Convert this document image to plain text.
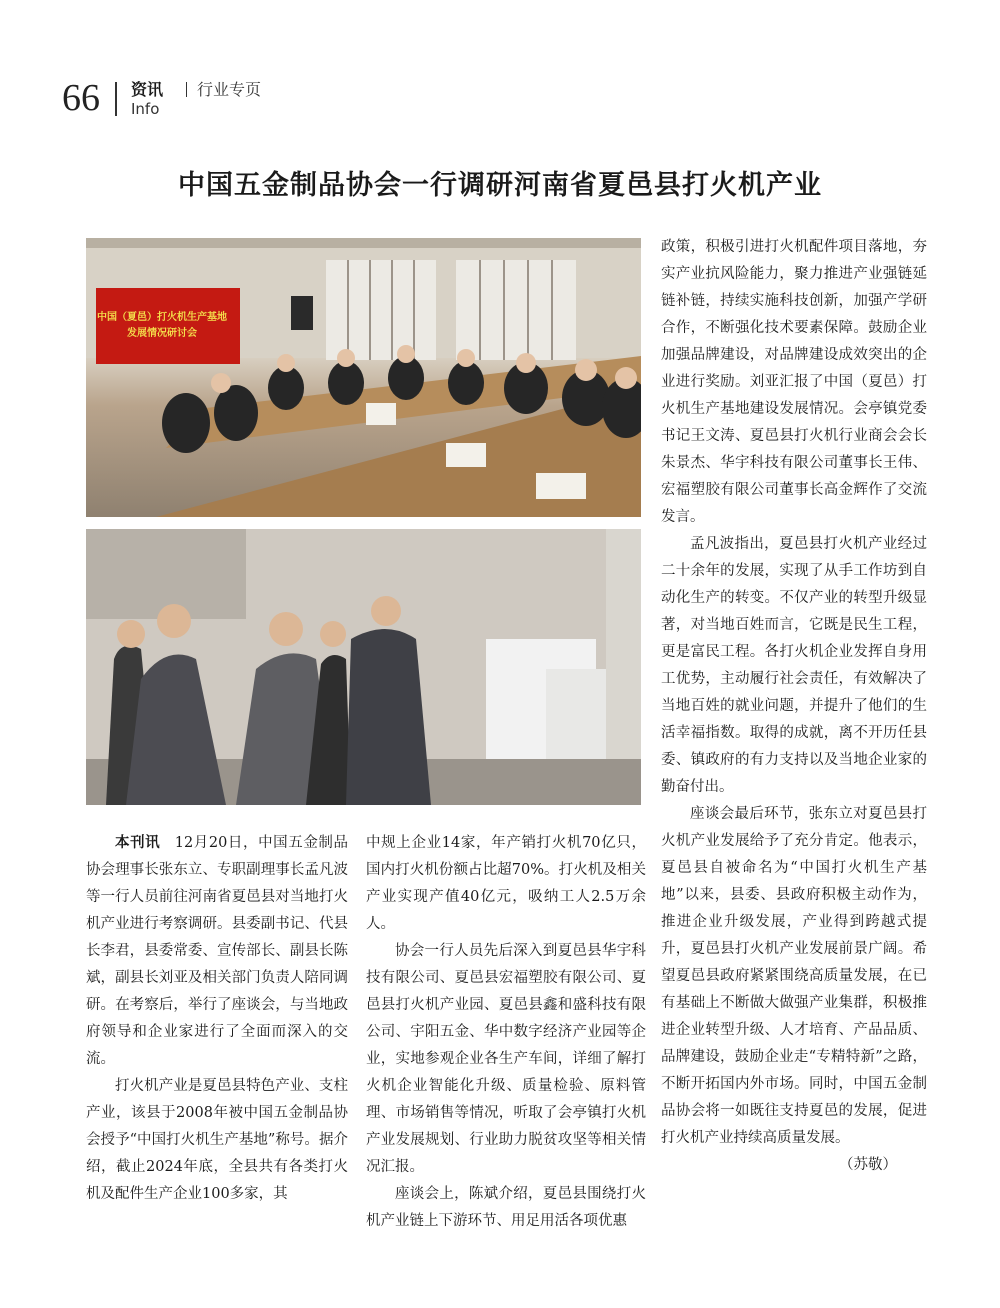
66 资讯	行业专页
Info
中国五金制品协会一行调研河南省夏邑县打火机产业
中国（夏邑）打火机生产基地
发展情况研讨会

本刊讯  12月20日，中国五金制品协会理事长张东立、专职副理事长孟凡波等一行人员前往河南省夏邑县对当地打火机产业进行考察调研。县委副书记、代县长李君，县委常委、宣传部长、副县长陈斌，副县长刘亚及相关部门负责人陪同调研。在考察后，举行了座谈会，与当地政府领导和企业家进行了全面而深入的交流。

打火机产业是夏邑县特色产业、支柱产业，该县于2008年被中国五金制品协会授予“中国打火机生产基地”称号。据介绍，截止2024年底，全县共有各类打火机及配件生产企业100多家，其

中规上企业14家，年产销打火机70亿只，国内打火机份额占比超70%。打火机及相关产业实现产值40亿元，吸纳工人2.5万余人。

协会一行人员先后深入到夏邑县华宇科技有限公司、夏邑县宏福塑胶有限公司、夏邑县打火机产业园、夏邑县鑫和盛科技有限公司、宇阳五金、华中数字经济产业园等企业，实地参观企业各生产车间，详细了解打火机企业智能化升级、质量检验、原料管理、市场销售等情况，听取了会亭镇打火机产业发展规划、行业助力脱贫攻坚等相关情况汇报。

座谈会上，陈斌介绍，夏邑县围绕打火机产业链上下游环节、用足用活各项优惠

政策，积极引进打火机配件项目落地，夯实产业抗风险能力，聚力推进产业强链延链补链，持续实施科技创新，加强产学研合作，不断强化技术要素保障。鼓励企业加强品牌建设，对品牌建设成效突出的企业进行奖励。刘亚汇报了中国（夏邑）打火机生产基地建设发展情况。会亭镇党委书记王文涛、夏邑县打火机行业商会会长朱景杰、华宇科技有限公司董事长王伟、宏福塑胶有限公司董事长高金辉作了交流发言。

孟凡波指出，夏邑县打火机产业经过二十余年的发展，实现了从手工作坊到自动化生产的转变。不仅产业的转型升级显著，对当地百姓而言，它既是民生工程，更是富民工程。各打火机企业发挥自身用工优势，主动履行社会责任，有效解决了当地百姓的就业问题，并提升了他们的生活幸福指数。取得的成就，离不开历任县委、镇政府的有力支持以及当地企业家的勤奋付出。

座谈会最后环节，张东立对夏邑县打火机产业发展给予了充分肯定。他表示，夏邑县自被命名为“中国打火机生产基地”以来，县委、县政府积极主动作为，推进企业升级发展，产业得到跨越式提升，夏邑县打火机产业发展前景广阔。希望夏邑县政府紧紧围绕高质量发展，在已有基础上不断做大做强产业集群，积极推进企业转型升级、人才培育、产品品质、品牌建设，鼓励企业走“专精特新”之路，不断开拓国内外市场。同时，中国五金制品协会将一如既往支持夏邑的发展，促进打火机产业持续高质量发展。
（苏敬）
